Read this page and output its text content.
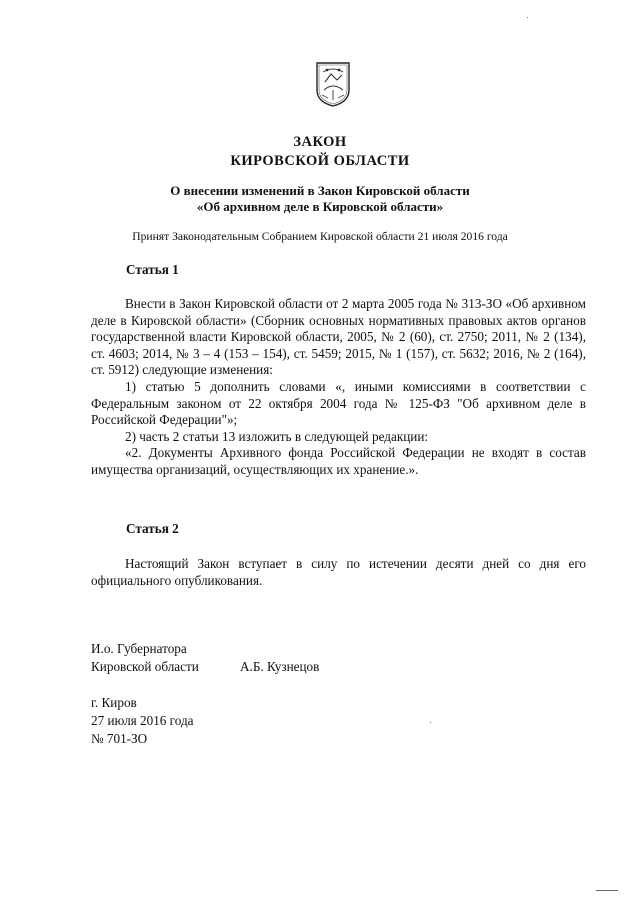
ЗАКОН
КИРОВСКОЙ ОБЛАСТИ
О внесении изменений в Закон Кировской области
«Об архивном деле в Кировской области»
Принят Законодательным Собранием Кировской области 21 июля 2016 года
Статья 1

Внести в Закон Кировской области от 2 марта 2005 года № 313-ЗО «Об архивном деле в Кировской области» (Сборник основных нормативных правовых актов органов государственной власти Кировской области, 2005, № 2 (60), ст. 2750; 2011, № 2 (134), ст. 4603; 2014, № 3 – 4 (153 – 154), ст. 5459; 2015, № 1 (157), ст. 5632; 2016, № 2 (164), ст. 5912) следующие изменения:

1) статью 5 дополнить словами «, иными комиссиями в соответствии с Федеральным законом от 22 октября 2004 года № 125-ФЗ "Об архивном деле в Российской Федерации"»;

2) часть 2 статьи 13 изложить в следующей редакции:

«2. Документы Архивного фонда Российской Федерации не входят в состав имущества организаций, осуществляющих их хранение.».

Статья 2

Настоящий Закон вступает в силу по истечении десяти дней со дня его официального опубликования.

И.о. Губернатора
Кировской области	А.Б. Кузнецов
г. Киров
27 июля 2016 года
№ 701-ЗО
